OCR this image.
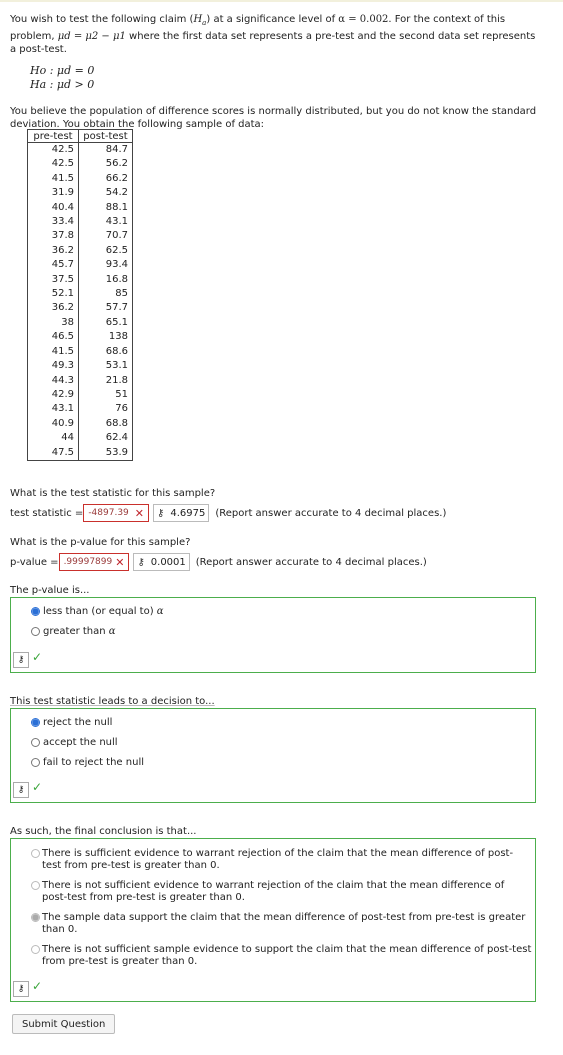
You wish to test the following claim $(H_a)$ at a significance level of α = 0.002. For the context of this
problem, μd = μ2 − μ1 where the first data set represents a pre-test and the second data set represents
a post-test.
Ho : μd = 0
Ha : μd > 0
You believe the population of difference scores is normally distributed, but you do not know the standard
deviation. You obtain the following sample of data:
pre-test	post-test
42.5	84.7
42.5	56.2
41.5	66.2
31.9	54.2
40.4	88.1
33.4	43.1
37.8	70.7
36.2	62.5
45.7	93.4
37.5	16.8
52.1	85
36.2	57.7
38	65.1
46.5	138
41.5	68.6
49.3	53.1
44.3	21.8
42.9	51
43.1	76
40.9	68.8
44	62.4
47.5	53.9
What is the test statistic for this sample?
test statistic = -4897.39 ✕ ⚷ 4.6975 (Report answer accurate to 4 decimal places.)
What is the p-value for this sample?
p-value = .99997899 ✕ ⚷ 0.0001 (Report answer accurate to 4 decimal places.)
The p-value is...
less than (or equal to) α
greater than α
⚷ ✓
This test statistic leads to a decision to...
reject the null
accept the null
fail to reject the null
⚷ ✓
As such, the final conclusion is that...
There is sufficient evidence to warrant rejection of the claim that the mean difference of post-test from pre-test is greater than 0.
There is not sufficient evidence to warrant rejection of the claim that the mean difference of post-test from pre-test is greater than 0.
The sample data support the claim that the mean difference of post-test from pre-test is greater than 0.
There is not sufficient sample evidence to support the claim that the mean difference of post-test from pre-test is greater than 0.
⚷ ✓
Submit Question
